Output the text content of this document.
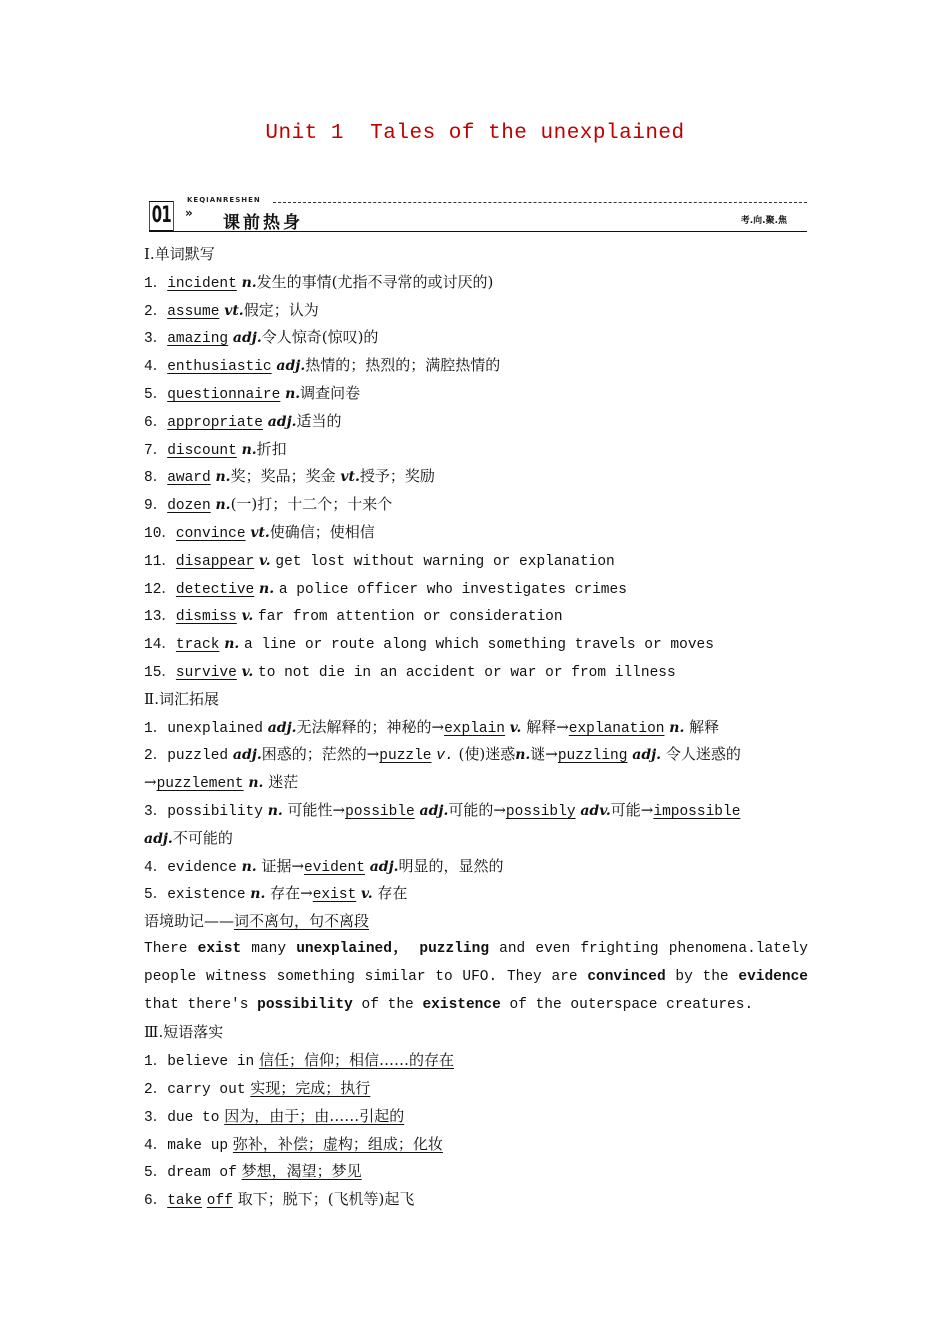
Unit 1  Tales of the unexplained
KEQIANRESHEN
01 » 课前热身	考.向.聚.焦
Ⅰ.单词默写
1．incident n.发生的事情(尤指不寻常的或讨厌的)
2．assume vt.假定；认为
3．amazing adj.令人惊奇(惊叹)的
4．enthusiastic adj.热情的；热烈的；满腔热情的
5．questionnaire n.调查问卷
6．appropriate adj.适当的
7．discount n.折扣
8．award n.奖；奖品；奖金 vt.授予；奖励
9．dozen n.(一)打；十二个；十来个
10．convince vt.使确信；使相信
11．disappear v. get lost without warning or explanation
12．detective n. a police officer who investigates crimes
13．dismiss v. far from attention or consideration
14．track n. a line or route along which something travels or moves
15．survive v. to not die in an accident or war or from illness
Ⅱ.词汇拓展
1．unexplained adj.无法解释的；神秘的→explain v. 解释→explanation n. 解释
2．puzzled adj.困惑的；茫然的→puzzle v. (使)迷惑n.谜→puzzling adj. 令人迷惑的
→puzzlement n. 迷茫
3．possibility n. 可能性→possible adj.可能的→possibly adv.可能→impossible
adj.不可能的
4．evidence n. 证据→evident adj.明显的，显然的
5．existence n. 存在→exist v. 存在
语境助记——词不离句，句不离段
There exist many unexplained， puzzling and even frighting phenomena.lately
people witness something similar to UFO. They are convinced by the evidence
that there's possibility of the existence of the outerspace creatures.
Ⅲ.短语落实
1．believe in 信任；信仰；相信……的存在
2．carry out 实现；完成；执行
3．due to 因为，由于；由……引起的
4．make up 弥补，补偿；虚构；组成；化妆
5．dream of 梦想，渴望；梦见
6．take off 取下；脱下；(飞机等)起飞
